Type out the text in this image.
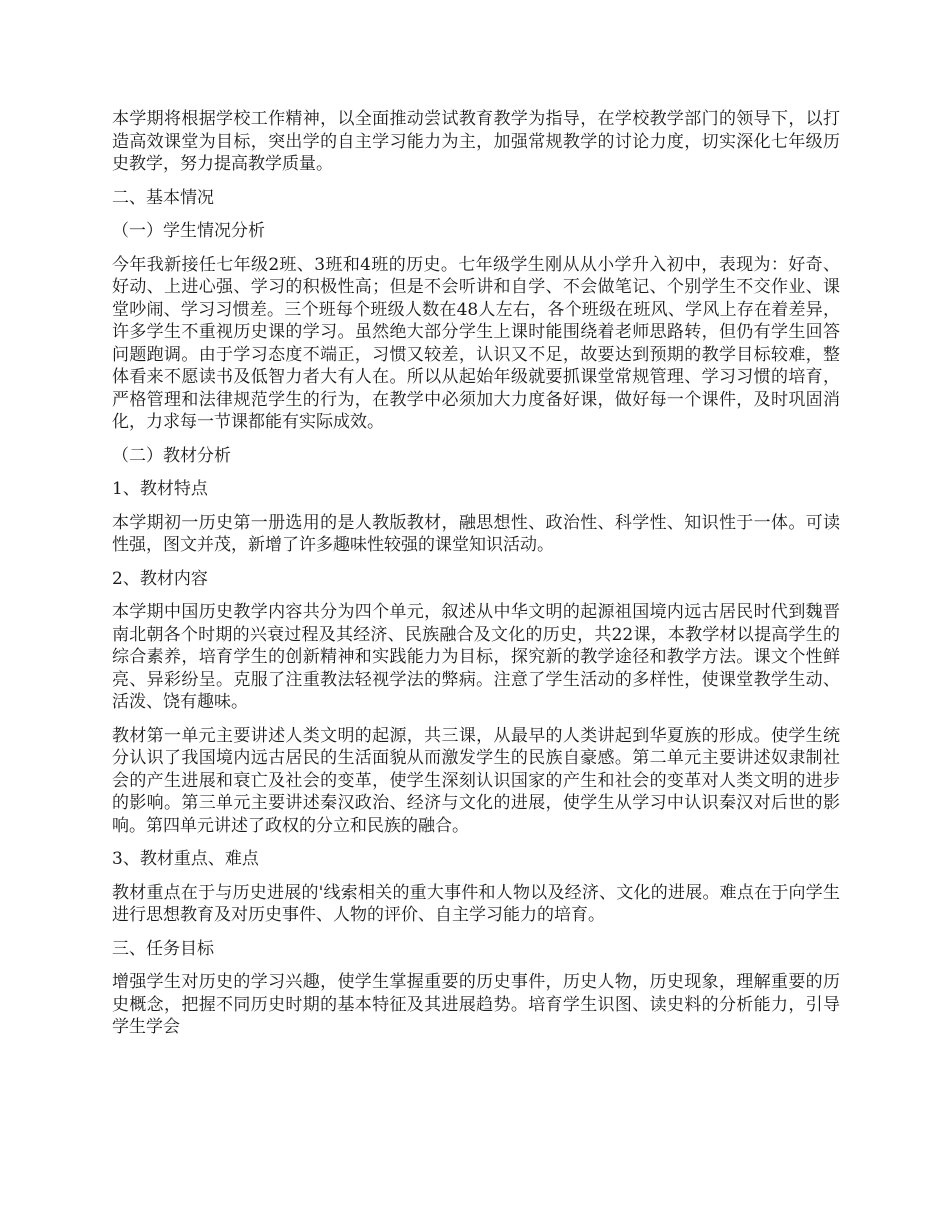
本学期将根据学校工作精神，以全面推动尝试教育教学为指导，在学校教学部门的领导下，以打造高效课堂为目标，突出学的自主学习能力为主，加强常规教学的讨论力度，切实深化七年级历史教学，努力提高教学质量。

二、基本情况

（一）学生情况分析

今年我新接任七年级2班、3班和4班的历史。七年级学生刚从从小学升入初中，表现为：好奇、好动、上进心强、学习的积极性高；但是不会听讲和自学、不会做笔记、个别学生不交作业、课堂吵闹、学习习惯差。三个班每个班级人数在48人左右，各个班级在班风、学风上存在着差异，许多学生不重视历史课的学习。虽然绝大部分学生上课时能围绕着老师思路转，但仍有学生回答问题跑调。由于学习态度不端正，习惯又较差，认识又不足，故要达到预期的教学目标较难，整体看来不愿读书及低智力者大有人在。所以从起始年级就要抓课堂常规管理、学习习惯的培育，严格管理和法律规范学生的行为，在教学中必须加大力度备好课，做好每一个课件，及时巩固消化，力求每一节课都能有实际成效。

（二）教材分析

1、教材特点

本学期初一历史第一册选用的是人教版教材，融思想性、政治性、科学性、知识性于一体。可读性强，图文并茂，新增了许多趣味性较强的课堂知识活动。

2、教材内容

本学期中国历史教学内容共分为四个单元，叙述从中华文明的起源祖国境内远古居民时代到魏晋南北朝各个时期的兴衰过程及其经济、民族融合及文化的历史，共22课，本教学材以提高学生的综合素养，培育学生的创新精神和实践能力为目标，探究新的教学途径和教学方法。课文个性鲜亮、异彩纷呈。克服了注重教法轻视学法的弊病。注意了学生活动的多样性，使课堂教学生动、活泼、饶有趣味。

教材第一单元主要讲述人类文明的起源，共三课，从最早的人类讲起到华夏族的形成。使学生统分认识了我国境内远古居民的生活面貌从而激发学生的民族自豪感。第二单元主要讲述奴隶制社会的产生进展和衰亡及社会的变革，使学生深刻认识国家的产生和社会的变革对人类文明的进步的影响。第三单元主要讲述秦汉政治、经济与文化的进展，使学生从学习中认识秦汉对后世的影响。第四单元讲述了政权的分立和民族的融合。

3、教材重点、难点

教材重点在于与历史进展的'线索相关的重大事件和人物以及经济、文化的进展。难点在于向学生进行思想教育及对历史事件、人物的评价、自主学习能力的培育。

三、任务目标

增强学生对历史的学习兴趣，使学生掌握重要的历史事件，历史人物，历史现象，理解重要的历史概念，把握不同历史时期的基本特征及其进展趋势。培育学生识图、读史料的分析能力，引导学生学会
